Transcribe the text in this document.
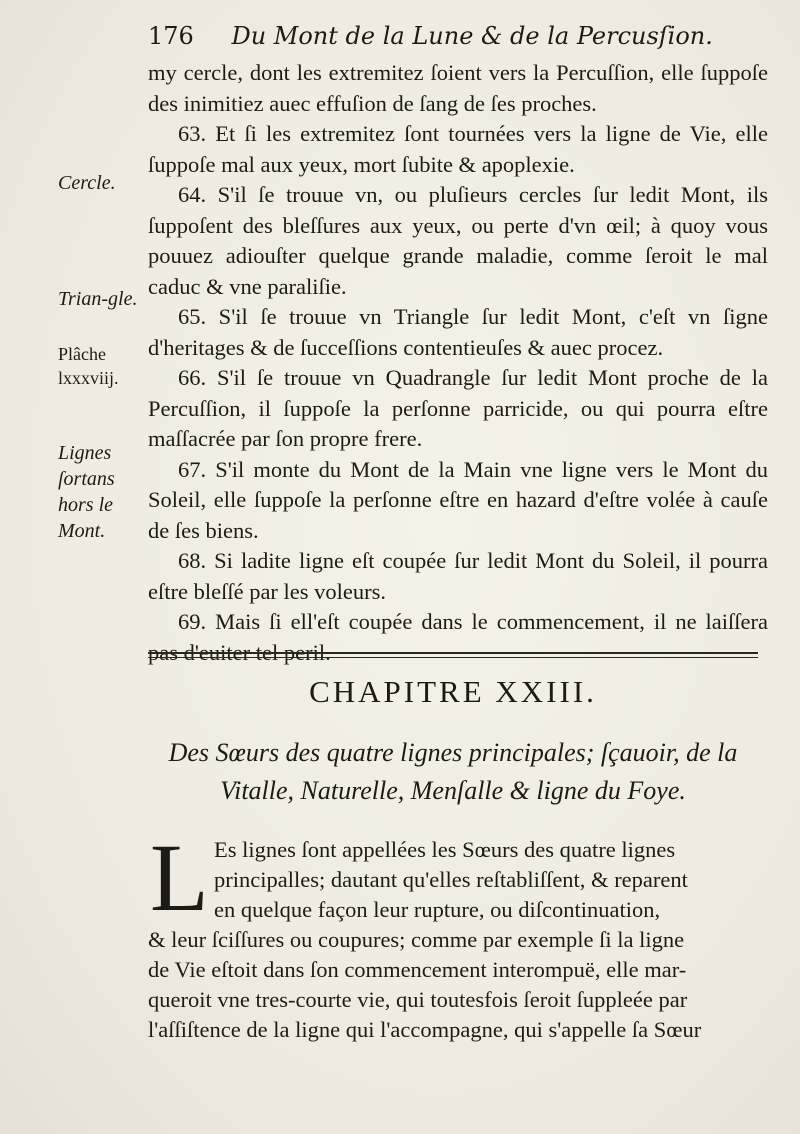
176 Du Mont de la Lune & de la Percusſion.
Cercle.
Trian-gle.
Plâche lxxxviij.
Lignes ſortans hors le Mont.

my cercle, dont les extremitez ſoient vers la Percuſſion, elle ſuppoſe des inimitiez auec effuſion de ſang de ſes proches.

63. Et ſi les extremitez ſont tournées vers la ligne de Vie, elle ſuppoſe mal aux yeux, mort ſubite & apoplexie.

64. S'il ſe trouue vn, ou pluſieurs cercles ſur ledit Mont, ils ſuppoſent des bleſſures aux yeux, ou perte d'vn œil; à quoy vous pouuez adiouſter quelque grande maladie, comme ſeroit le mal caduc & vne paraliſie.

65. S'il ſe trouue vn Triangle ſur ledit Mont, c'eſt vn ſigne d'heritages & de ſucceſſions contentieuſes & auec procez.

66. S'il ſe trouue vn Quadrangle ſur ledit Mont proche de la Percuſſion, il ſuppoſe la perſonne parricide, ou qui pourra eſtre maſſacrée par ſon propre frere.

67. S'il monte du Mont de la Main vne ligne vers le Mont du Soleil, elle ſuppoſe la perſonne eſtre en hazard d'eſtre volée à cauſe de ſes biens.

68. Si ladite ligne eſt coupée ſur ledit Mont du Soleil, il pourra eſtre bleſſé par les voleurs.

69. Mais ſi ell'eſt coupée dans le commencement, il ne laiſſera pas d'euiter tel peril.

CHAPITRE XXIII.
Des Sœurs des quatre lignes principales; ſçauoir, de la
Vitalle, Naturelle, Menſalle & ligne du Foye.
L Es lignes ſont appellées les Sœurs des quatre lignes
principalles; dautant qu'elles reſtabliſſent, & reparent
en quelque façon leur rupture, ou diſcontinuation,
& leur ſciſſures ou coupures; comme par exemple ſi la ligne
de Vie eſtoit dans ſon commencement interompuë, elle mar-
queroit vne tres-courte vie, qui toutesfois ſeroit ſuppleée par
l'aſſiſtence de la ligne qui l'accompagne, qui s'appelle ſa Sœur
